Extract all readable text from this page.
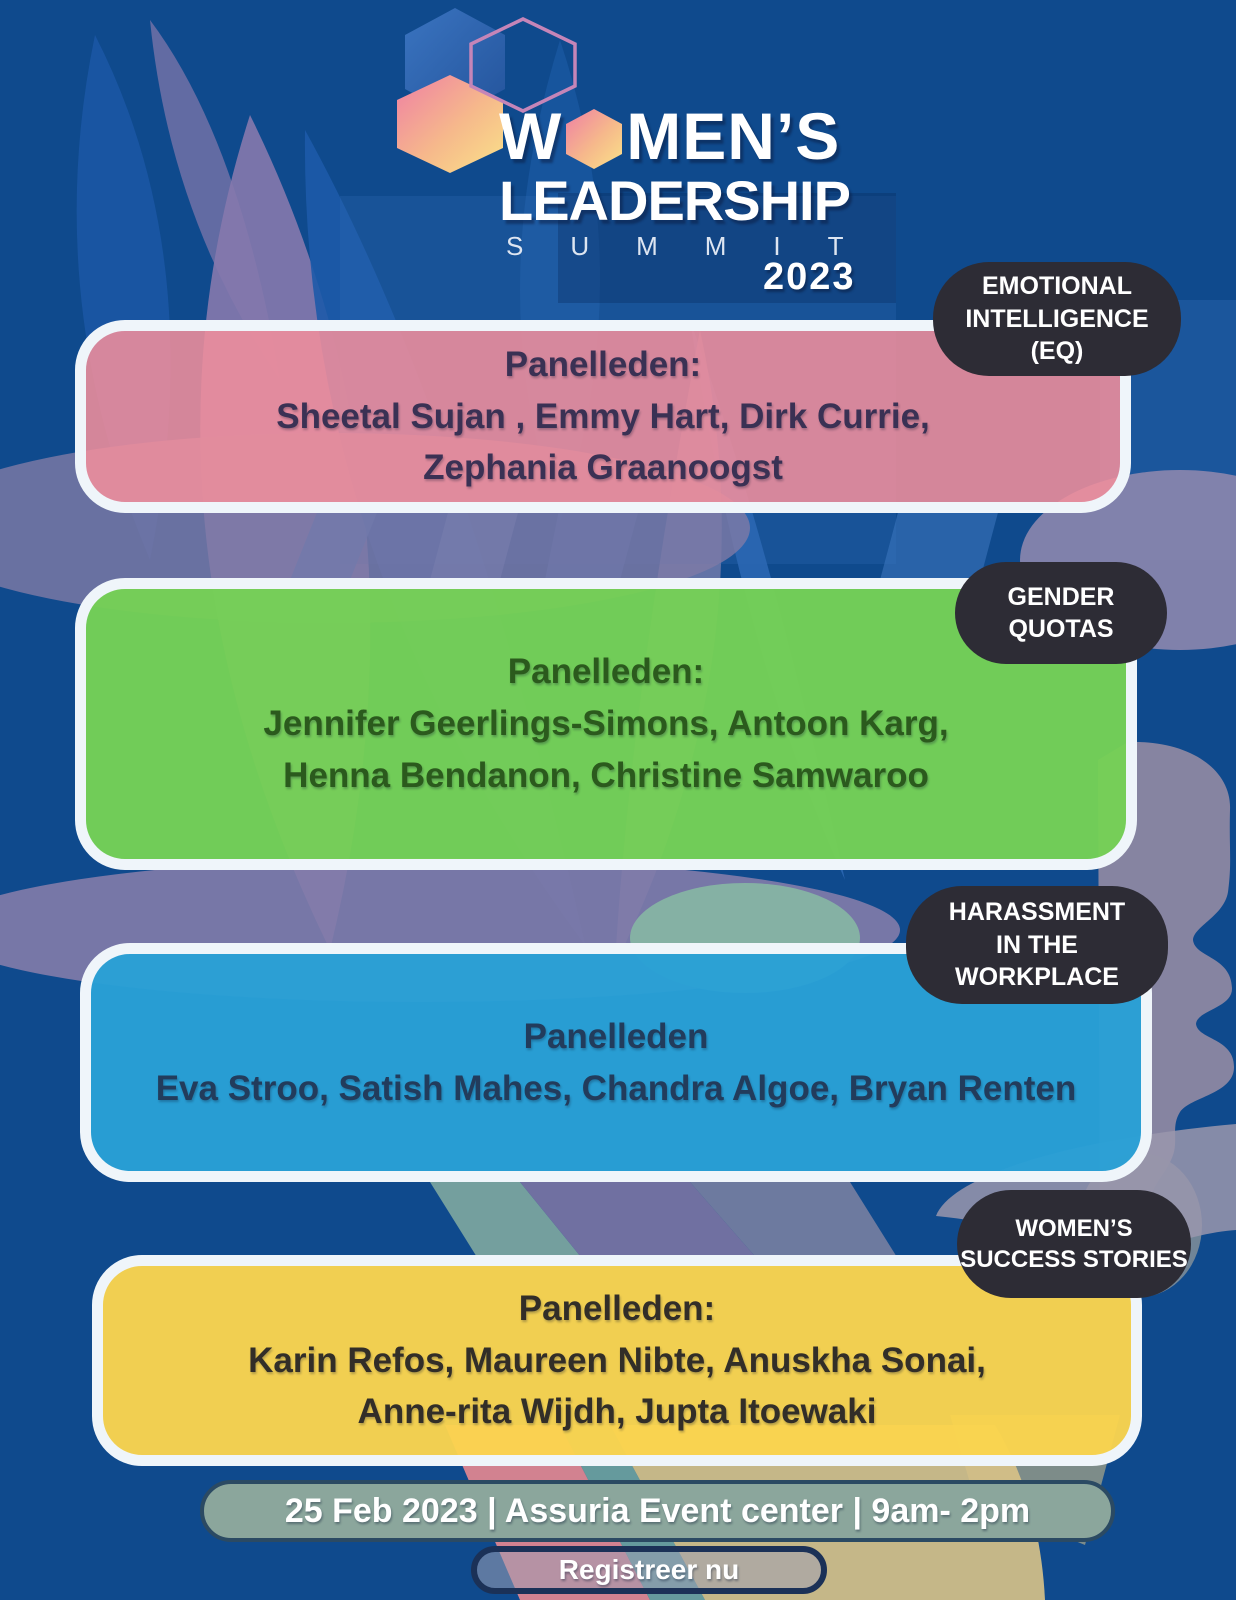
W MEN’S
LEADERSHIP
SUMMIT
2023
Panelleden:
Sheetal Sujan , Emmy Hart, Dirk Currie,
Zephania Graanoogst
Panelleden:
Jennifer Geerlings-Simons, Antoon Karg,
Henna Bendanon, Christine Samwaroo
Panelleden
Eva Stroo, Satish Mahes, Chandra Algoe, Bryan Renten
Panelleden:
Karin Refos, Maureen Nibte, Anuskha Sonai,
Anne-rita Wijdh, Jupta Itoewaki
EMOTIONAL
INTELLIGENCE
(EQ)
GENDER
QUOTAS
HARASSMENT
IN THE
WORKPLACE
WOMEN’S
SUCCESS STORIES
25 Feb 2023 | Assuria Event center | 9am- 2pm
Registreer nu
